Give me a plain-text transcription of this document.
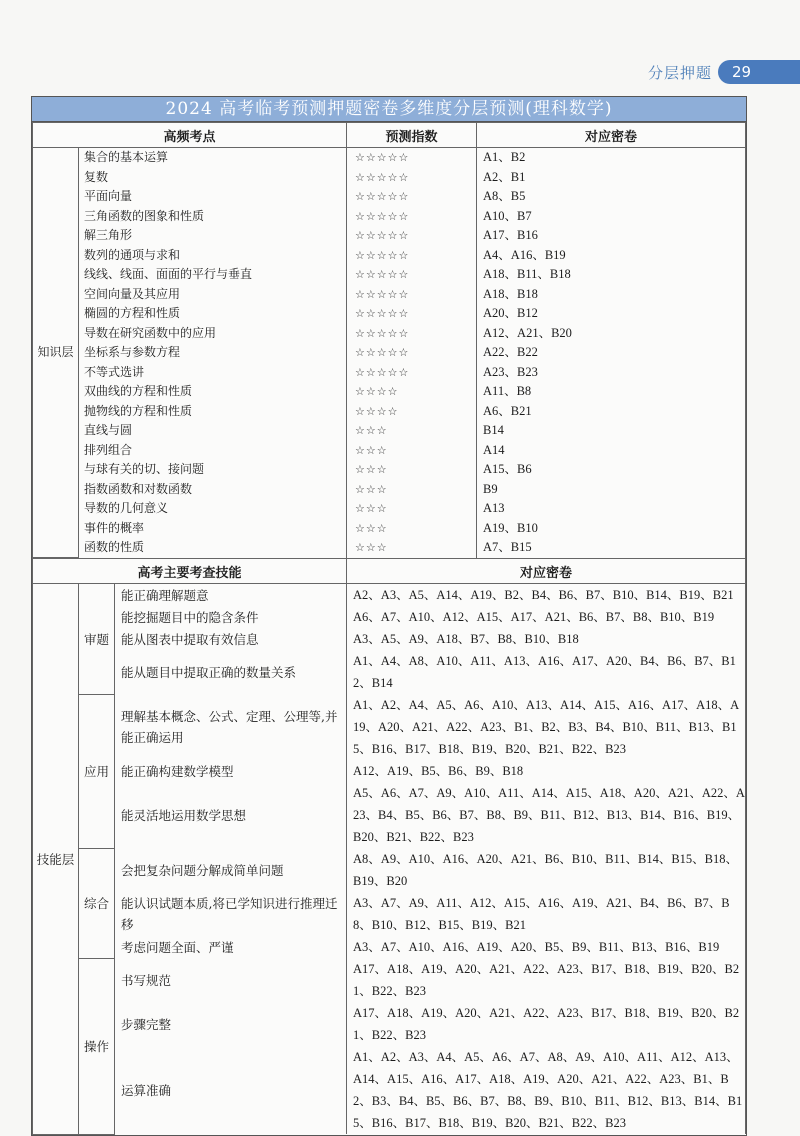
分层押题	29
2024 高考临考预测押题密卷多维度分层预测(理科数学)
高频考点		预测指数	对应密卷
知识层	集合的基本运算	☆☆☆☆☆	A1、B2
	复数	☆☆☆☆☆	A2、B1
	平面向量	☆☆☆☆☆	A8、B5
	三角函数的图象和性质	☆☆☆☆☆	A10、B7
	解三角形	☆☆☆☆☆	A17、B16
	数列的通项与求和	☆☆☆☆☆	A4、A16、B19
	线线、线面、面面的平行与垂直	☆☆☆☆☆	A18、B11、B18
	空间向量及其应用	☆☆☆☆☆	A18、B18
	椭圆的方程和性质	☆☆☆☆☆	A20、B12
	导数在研究函数中的应用	☆☆☆☆☆	A12、A21、B20
	坐标系与参数方程	☆☆☆☆☆	A22、B22
	不等式选讲	☆☆☆☆☆	A23、B23
	双曲线的方程和性质	☆☆☆☆	A11、B8
	抛物线的方程和性质	☆☆☆☆	A6、B21
	直线与圆	☆☆☆	B14
	排列组合	☆☆☆	A14
	与球有关的切、接问题	☆☆☆	A15、B6
	指数函数和对数函数	☆☆☆	B9
	导数的几何意义	☆☆☆	A13
	事件的概率	☆☆☆	A19、B10
	函数的性质	☆☆☆	A7、B15
高考主要考查技能			对应密卷
技能层	审题	能正确理解题意	A2、A3、A5、A14、A19、B2、B4、B6、B7、B10、B14、B19、B21
		能挖掘题目中的隐含条件	A6、A7、A10、A12、A15、A17、A21、B6、B7、B8、B10、B19
		能从图表中提取有效信息	A3、A5、A9、A18、B7、B8、B10、B18
		能从题目中提取正确的数量关系	A1、A4、A8、A10、A11、A13、A16、A17、A20、B4、B6、B7、B12、B14
	应用	理解基本概念、公式、定理、公理等,并能正确运用	A1、A2、A4、A5、A6、A10、A13、A14、A15、A16、A17、A18、A19、A20、A21、A22、A23、B1、B2、B3、B4、B10、B11、B13、B15、B16、B17、B18、B19、B20、B21、B22、B23
		能正确构建数学模型	A12、A19、B5、B6、B9、B18
		能灵活地运用数学思想	A5、A6、A7、A9、A10、A11、A14、A15、A18、A20、A21、A22、A23、B4、B5、B6、B7、B8、B9、B11、B12、B13、B14、B16、B19、B20、B21、B22、B23
	综合	会把复杂问题分解成简单问题	A8、A9、A10、A16、A20、A21、B6、B10、B11、B14、B15、B18、B19、B20
		能认识试题本质,将已学知识进行推理迁移	A3、A7、A9、A11、A12、A15、A16、A19、A21、B4、B6、B7、B8、B10、B12、B15、B19、B21
		考虑问题全面、严谨	A3、A7、A10、A16、A19、A20、B5、B9、B11、B13、B16、B19
	操作	书写规范	A17、A18、A19、A20、A21、A22、A23、B17、B18、B19、B20、B21、B22、B23
		步骤完整	A17、A18、A19、A20、A21、A22、A23、B17、B18、B19、B20、B21、B22、B23
		运算准确	A1、A2、A3、A4、A5、A6、A7、A8、A9、A10、A11、A12、A13、A14、A15、A16、A17、A18、A19、A20、A21、A22、A23、B1、B2、B3、B4、B5、B6、B7、B8、B9、B10、B11、B12、B13、B14、B15、B16、B17、B18、B19、B20、B21、B22、B23
